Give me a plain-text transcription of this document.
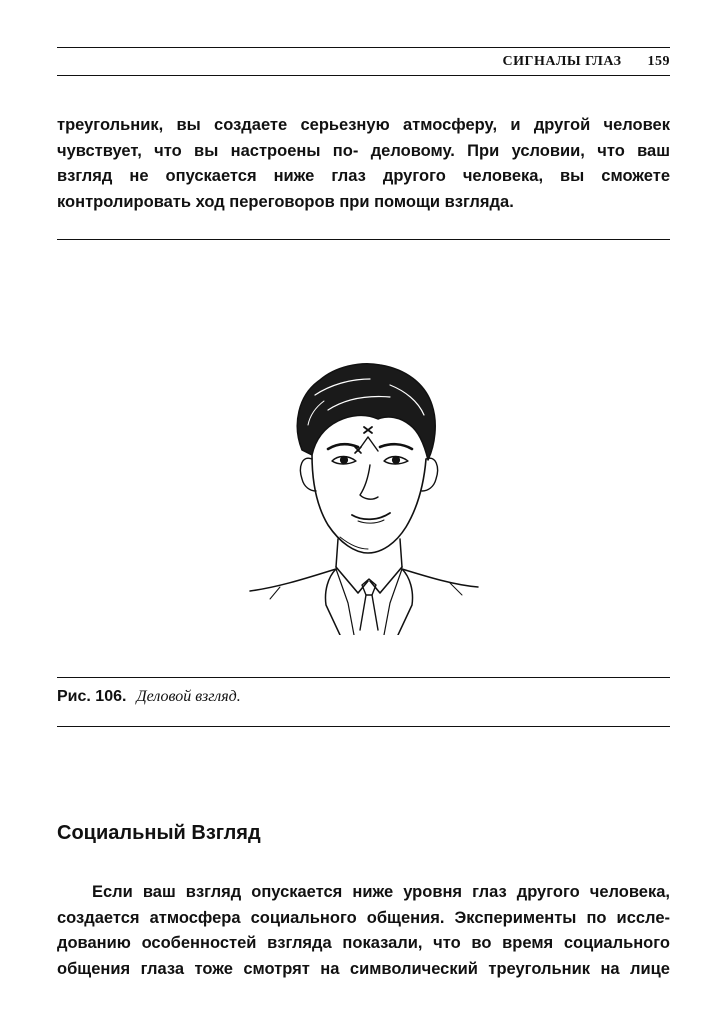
СИГНАЛЫ ГЛАЗ 159
треугольник, вы создаете серьезную атмосферу, и другой человек
чувствует, что вы настроены по- деловому. При условии, что ваш
взгляд не опускается ниже глаз другого человека, вы сможете
контролировать ход переговоров при помощи взгляда.
Рис. 106. Деловой взгляд.
Социальный Взгляд
Если ваш взгляд опускается ниже уровня глаз другого человека,
создается атмосфера социального общения. Эксперименты по иссле-
дованию особенностей взгляда показали, что во время социального
общения глаза тоже смотрят на символический треугольник на лице
